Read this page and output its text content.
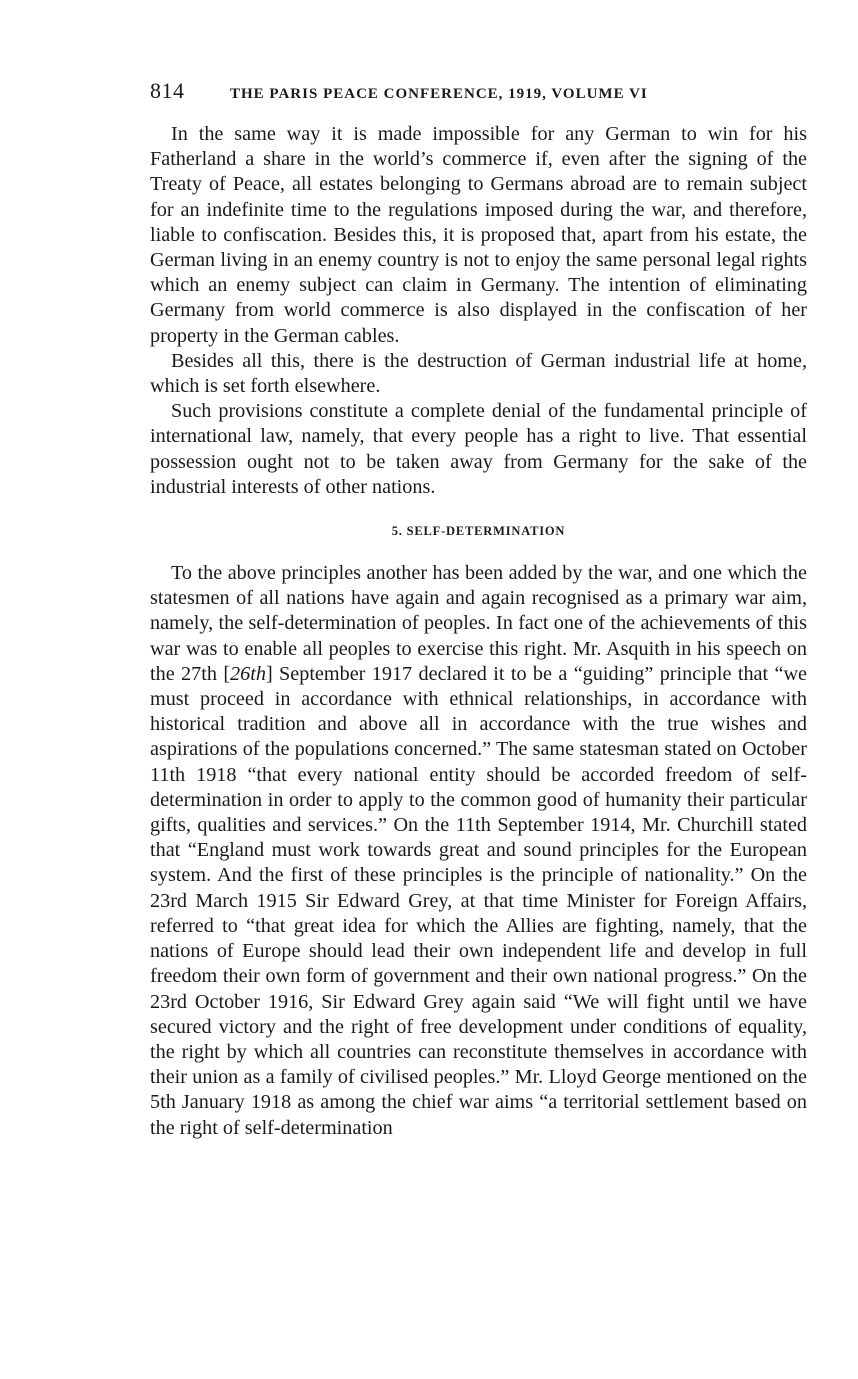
814	THE PARIS PEACE CONFERENCE, 1919, VOLUME VI

In the same way it is made impossible for any German to win for his Fatherland a share in the world’s commerce if, even after the signing of the Treaty of Peace, all estates belonging to Germans abroad are to remain subject for an indefinite time to the regulations imposed during the war, and therefore, liable to confiscation. Besides this, it is proposed that, apart from his estate, the German living in an enemy country is not to enjoy the same personal legal rights which an enemy subject can claim in Germany. The intention of eliminating Germany from world commerce is also displayed in the confiscation of her property in the German cables.

Besides all this, there is the destruction of German industrial life at home, which is set forth elsewhere.

Such provisions constitute a complete denial of the fundamental principle of international law, namely, that every people has a right to live. That essential possession ought not to be taken away from Germany for the sake of the industrial interests of other nations.

5. SELF-DETERMINATION

To the above principles another has been added by the war, and one which the statesmen of all nations have again and again recognised as a primary war aim, namely, the self-determination of peoples. In fact one of the achievements of this war was to enable all peoples to exercise this right. Mr. Asquith in his speech on the 27th [26th] September 1917 declared it to be a “guiding” principle that “we must proceed in accordance with ethnical relationships, in accordance with historical tradition and above all in accordance with the true wishes and aspirations of the populations concerned.” The same statesman stated on October 11th 1918 “that every national entity should be accorded freedom of self-determination in order to apply to the common good of humanity their particular gifts, qualities and services.” On the 11th September 1914, Mr. Churchill stated that “England must work towards great and sound principles for the European system. And the first of these principles is the principle of nationality.” On the 23rd March 1915 Sir Edward Grey, at that time Minister for Foreign Affairs, referred to “that great idea for which the Allies are fighting, namely, that the nations of Europe should lead their own independent life and develop in full freedom their own form of government and their own national progress.” On the 23rd October 1916, Sir Edward Grey again said “We will fight until we have secured victory and the right of free development under conditions of equality, the right by which all countries can reconstitute themselves in accordance with their union as a family of civilised peoples.” Mr. Lloyd George mentioned on the 5th January 1918 as among the chief war aims “a territorial settlement based on the right of self-determination
